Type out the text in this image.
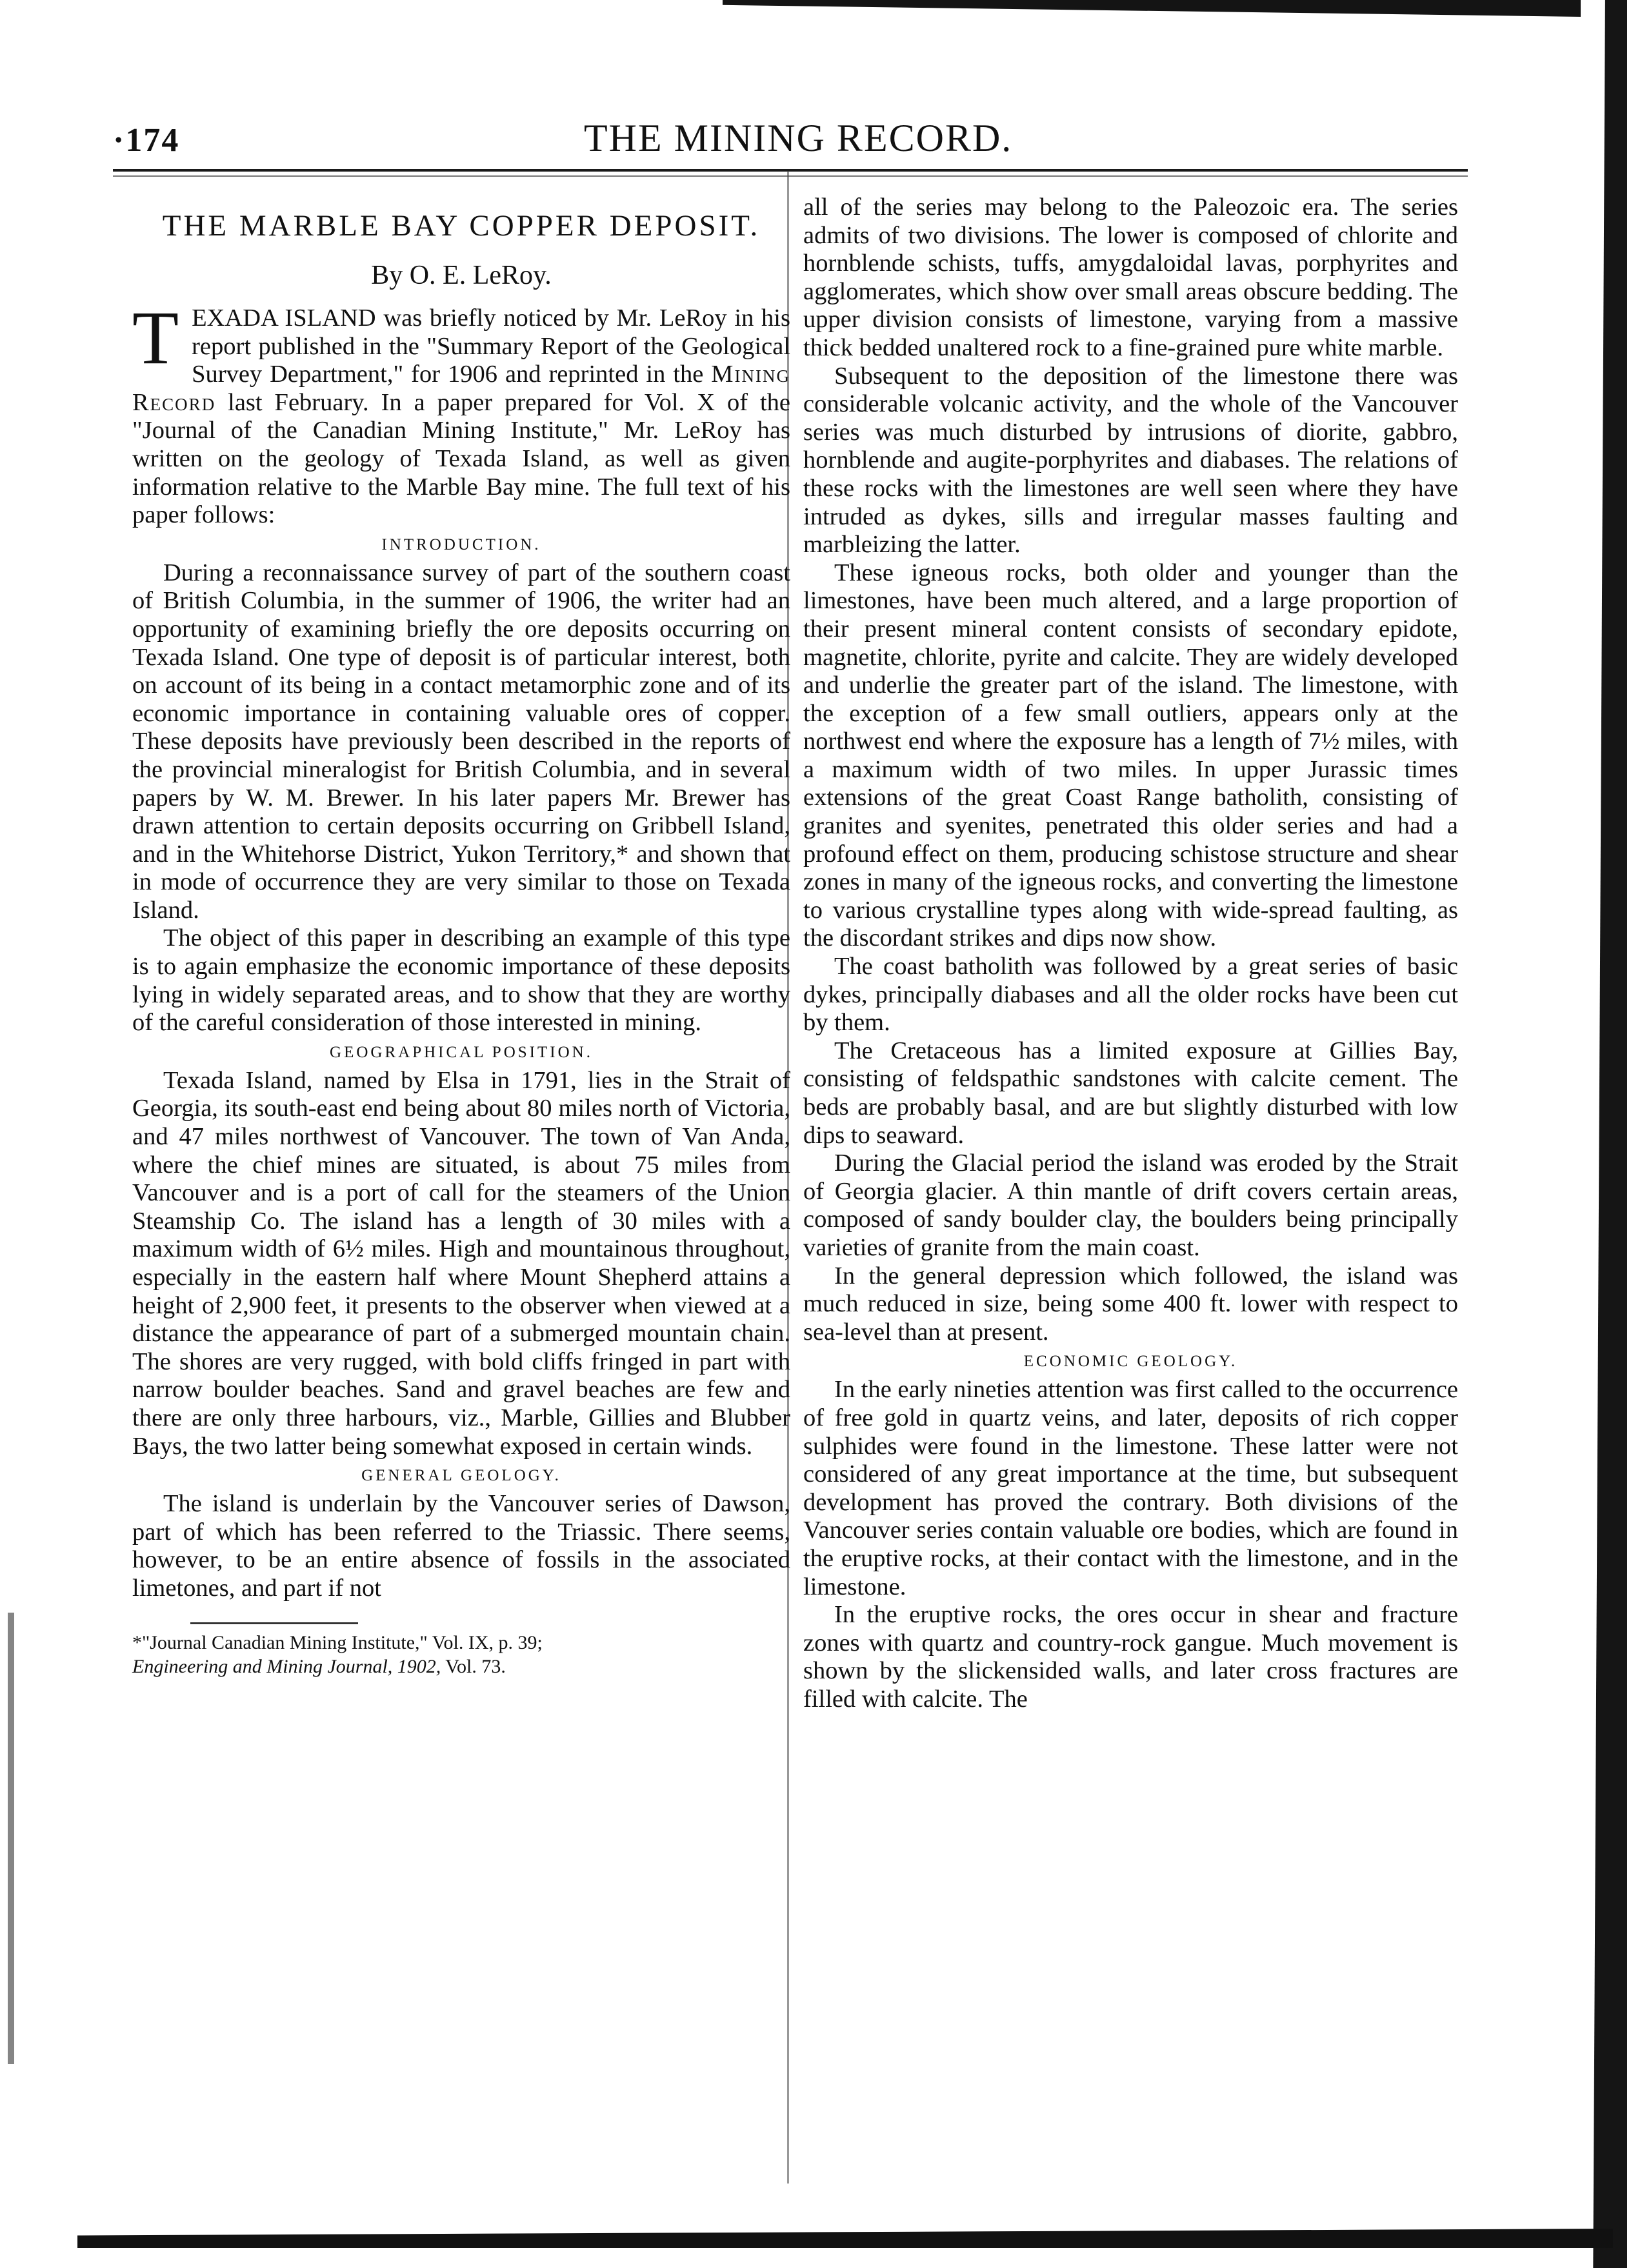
·174	THE MINING RECORD.
THE MARBLE BAY COPPER DEPOSIT.
By O. E. LeRoy.

TEXADA ISLAND was briefly noticed by Mr. LeRoy in his report published in the "Summary Report of the Geological Survey Department," for 1906 and reprinted in the Mining Record last February. In a paper prepared for Vol. X of the "Journal of the Canadian Mining Institute," Mr. LeRoy has written on the geology of Texada Island, as well as given information relative to the Marble Bay mine. The full text of his paper follows:

INTRODUCTION.

During a reconnaissance survey of part of the southern coast of British Columbia, in the summer of 1906, the writer had an opportunity of examining briefly the ore deposits occurring on Texada Island. One type of deposit is of particular interest, both on account of its being in a contact metamorphic zone and of its economic importance in containing valuable ores of copper. These deposits have previously been described in the reports of the provincial mineralogist for British Columbia, and in several papers by W. M. Brewer. In his later papers Mr. Brewer has drawn attention to certain deposits occurring on Gribbell Island, and in the Whitehorse District, Yukon Territory,* and shown that in mode of occurrence they are very similar to those on Texada Island.

The object of this paper in describing an example of this type is to again emphasize the economic importance of these deposits lying in widely separated areas, and to show that they are worthy of the careful consideration of those interested in mining.

GEOGRAPHICAL POSITION.

Texada Island, named by Elsa in 1791, lies in the Strait of Georgia, its south-east end being about 80 miles north of Victoria, and 47 miles northwest of Vancouver. The town of Van Anda, where the chief mines are situated, is about 75 miles from Vancouver and is a port of call for the steamers of the Union Steamship Co. The island has a length of 30 miles with a maximum width of 6½ miles. High and mountainous throughout, especially in the eastern half where Mount Shepherd attains a height of 2,900 feet, it presents to the observer when viewed at a distance the appearance of part of a submerged mountain chain. The shores are very rugged, with bold cliffs fringed in part with narrow boulder beaches. Sand and gravel beaches are few and there are only three harbours, viz., Marble, Gillies and Blubber Bays, the two latter being somewhat exposed in certain winds.

GENERAL GEOLOGY.

The island is underlain by the Vancouver series of Dawson, part of which has been referred to the Triassic. There seems, however, to be an entire absence of fossils in the associated limetones, and part if not

*"Journal Canadian Mining Institute," Vol. IX, p. 39;
Engineering and Mining Journal, 1902, Vol. 73.

all of the series may belong to the Paleozoic era. The series admits of two divisions. The lower is composed of chlorite and hornblende schists, tuffs, amygdaloidal lavas, porphyrites and agglomerates, which show over small areas obscure bedding. The upper division consists of limestone, varying from a massive thick bedded unaltered rock to a fine-grained pure white marble.

Subsequent to the deposition of the limestone there was considerable volcanic activity, and the whole of the Vancouver series was much disturbed by intrusions of diorite, gabbro, hornblende and augite-porphyrites and diabases. The relations of these rocks with the limestones are well seen where they have intruded as dykes, sills and irregular masses faulting and marbleizing the latter.

These igneous rocks, both older and younger than the limestones, have been much altered, and a large proportion of their present mineral content consists of secondary epidote, magnetite, chlorite, pyrite and calcite. They are widely developed and underlie the greater part of the island. The limestone, with the exception of a few small outliers, appears only at the northwest end where the exposure has a length of 7½ miles, with a maximum width of two miles. In upper Jurassic times extensions of the great Coast Range batholith, consisting of granites and syenites, penetrated this older series and had a profound effect on them, producing schistose structure and shear zones in many of the igneous rocks, and converting the limestone to various crystalline types along with wide-spread faulting, as the discordant strikes and dips now show.

The coast batholith was followed by a great series of basic dykes, principally diabases and all the older rocks have been cut by them.

The Cretaceous has a limited exposure at Gillies Bay, consisting of feldspathic sandstones with calcite cement. The beds are probably basal, and are but slightly disturbed with low dips to seaward.

During the Glacial period the island was eroded by the Strait of Georgia glacier. A thin mantle of drift covers certain areas, composed of sandy boulder clay, the boulders being principally varieties of granite from the main coast.

In the general depression which followed, the island was much reduced in size, being some 400 ft. lower with respect to sea-level than at present.

ECONOMIC GEOLOGY.

In the early nineties attention was first called to the occurrence of free gold in quartz veins, and later, deposits of rich copper sulphides were found in the limestone. These latter were not considered of any great importance at the time, but subsequent development has proved the contrary. Both divisions of the Vancouver series contain valuable ore bodies, which are found in the eruptive rocks, at their contact with the limestone, and in the limestone.

In the eruptive rocks, the ores occur in shear and fracture zones with quartz and country-rock gangue. Much movement is shown by the slickensided walls, and later cross fractures are filled with calcite. The
